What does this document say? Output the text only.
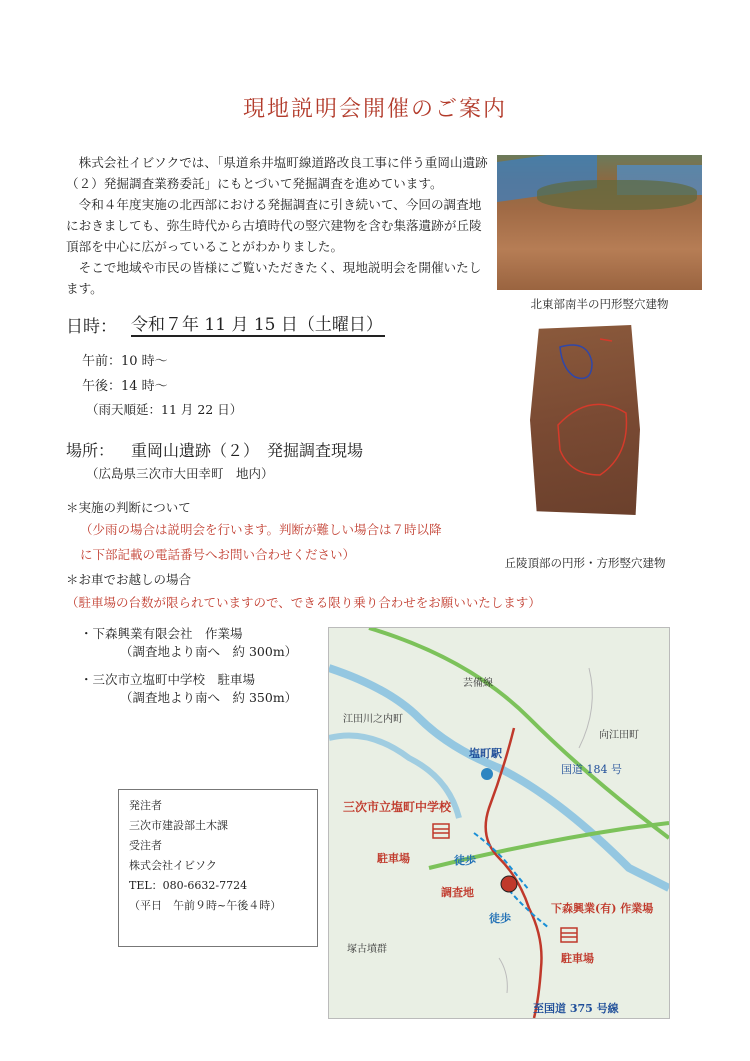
現地説明会開催のご案内

株式会社イビソクでは、「県道糸井塩町線道路改良工事に伴う重岡山遺跡（２）発掘調査業務委託」にもとづいて発掘調査を進めています。

令和４年度実施の北西部における発掘調査に引き続いて、今回の調査地におきましても、弥生時代から古墳時代の竪穴建物を含む集落遺跡が丘陵頂部を中心に広がっていることがわかりました。

そこで地域や市民の皆様にご覧いただきたく、現地説明会を開催いたします。

北東部南半の円形竪穴建物
丘陵頂部の円形・方形竪穴建物
日時： 令和７年 11 月 15 日（土曜日）
午前：10 時～
午後：14 時～
（雨天順延：11 月 22 日）
場所： 重岡山遺跡（２）　発掘調査現場
（広島県三次市大田幸町　地内）
＊実施の判断について
（少雨の場合は説明会を行います。判断が難しい場合は７時以降
に下部記載の電話番号へお問い合わせください）
＊お車でお越しの場合
（駐車場の台数が限られていますので、できる限り乗り合わせをお願いいたします）
・下森興業有限会社　作業場
（調査地より南へ　約 300m）
・三次市立塩町中学校　駐車場
（調査地より南へ　約 350m）
発注者
三次市建設部土木課
受注者
株式会社イビソク
TEL：080-6632-7724
（平日　午前９時~午後４時）
塩町駅
三次市立塩町中学校
駐車場
駐車場
徒歩
徒歩
調査地
下森興業(有) 作業場
国道 184 号
至国道 375 号線
江田川之内町
向江田町
塚古墳群
芸備線
